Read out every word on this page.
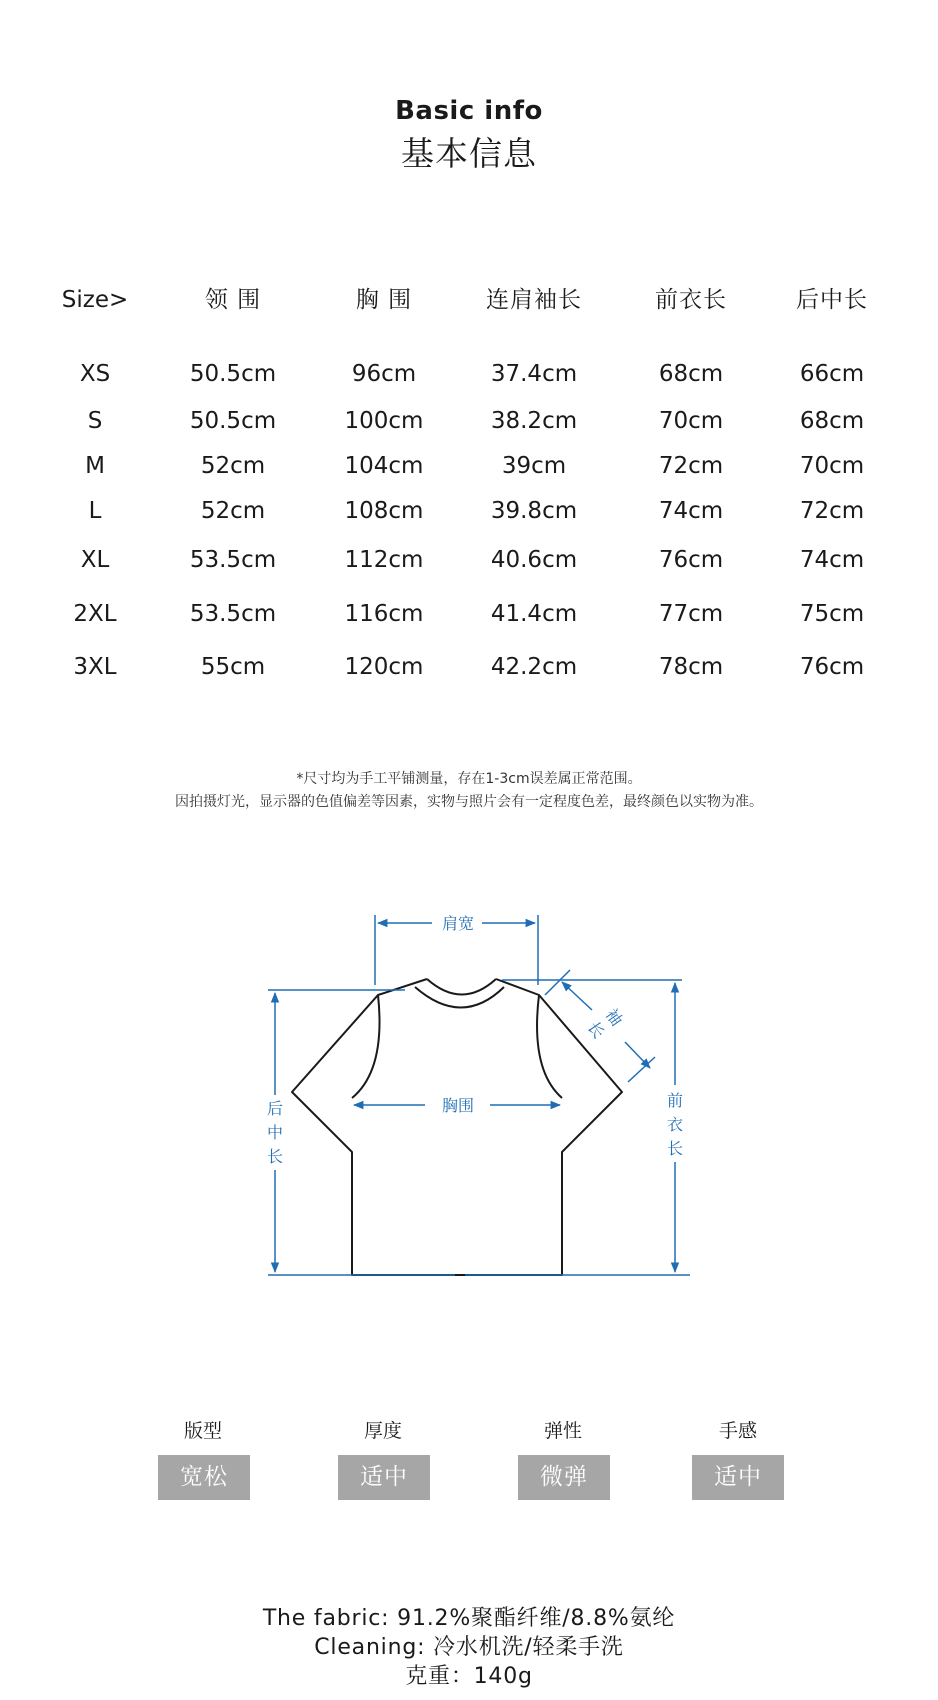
Basic info
基本信息
Size>	领 围	胸 围	连肩袖长	前衣长	后中长
XS	50.5cm	96cm	37.4cm	68cm	66cm
S	50.5cm	100cm	38.2cm	70cm	68cm
M	52cm	104cm	39cm	72cm	70cm
L	52cm	108cm	39.8cm	74cm	72cm
XL	53.5cm	112cm	40.6cm	76cm	74cm
2XL	53.5cm	116cm	41.4cm	77cm	75cm
3XL	55cm	120cm	42.2cm	78cm	76cm
*尺寸均为手工平铺测量，存在1-3cm误差属正常范围。
因拍摄灯光，显示器的色值偏差等因素，实物与照片会有一定程度色差，最终颜色以实物为准。
肩宽
胸围
袖
长
后
中
长
前
衣
长
版型
宽松
厚度
适中
弹性
微弹
手感
适中
The fabric: 91.2%聚酯纤维/8.8%氨纶
Cleaning: 冷水机洗/轻柔手洗
克重：140g
